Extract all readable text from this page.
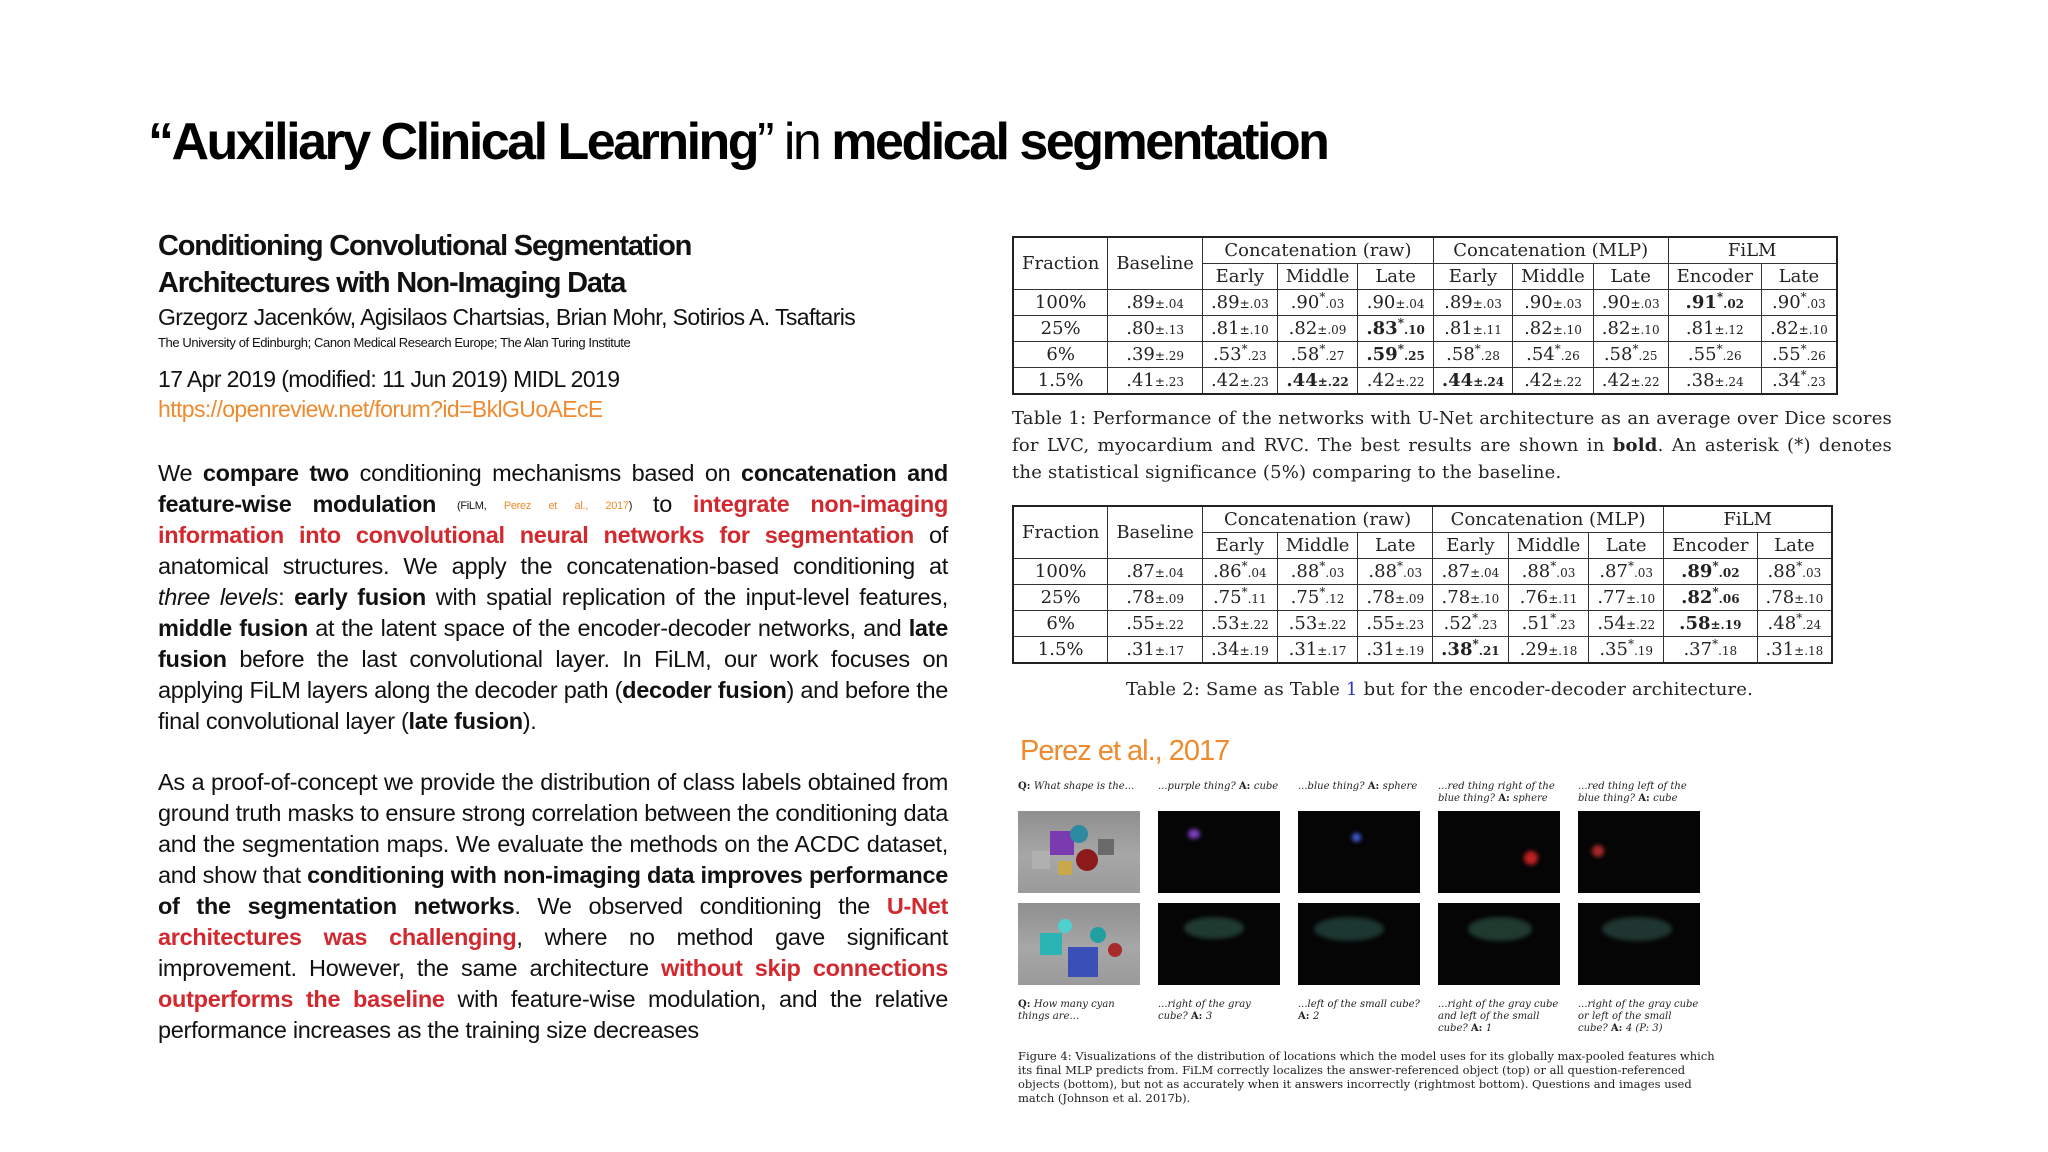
“Auxiliary Clinical Learning” in medical segmentation
Conditioning Convolutional Segmentation
Architectures with Non-Imaging Data
Grzegorz Jacenków, Agisilaos Chartsias, Brian Mohr, Sotirios A. Tsaftaris
The University of Edinburgh; Canon Medical Research Europe; The Alan Turing Institute
17 Apr 2019 (modified: 11 Jun 2019) MIDL 2019
https://openreview.net/forum?id=BklGUoAEcE

We compare two conditioning mechanisms based on concatenation and feature-wise modulation $^{(FiLM, Perez et al., 2017)}$ to integrate non-imaging information into convolutional neural networks for segmentation of anatomical structures. We apply the concatenation-based conditioning at three levels: early fusion with spatial replication of the input-level features, middle fusion at the latent space of the encoder-decoder networks, and late fusion before the last convolutional layer. In FiLM, our work focuses on applying FiLM layers along the decoder path (decoder fusion) and before the final convolutional layer (late fusion).

As a proof-of-concept we provide the distribution of class labels obtained from ground truth masks to ensure strong correlation between the conditioning data and the segmentation maps. We evaluate the methods on the ACDC dataset, and show that conditioning with non-imaging data improves performance of the segmentation networks. We observed conditioning the U-Net architectures was challenging, where no method gave significant improvement. However, the same architecture without skip connections outperforms the baseline with feature-wise modulation, and the relative performance increases as the training size decreases

Fraction	Baseline	Concatenation (raw)			Concatenation (MLP)			FiLM	
		Early	Middle	Late	Early	Middle	Late	Encoder	Late
100%	.89±.04	.89±.03	.90*.03	.90±.04	.89±.03	.90±.03	.90±.03	.91*.02	.90*.03
25%	.80±.13	.81±.10	.82±.09	.83*.10	.81±.11	.82±.10	.82±.10	.81±.12	.82±.10
6%	.39±.29	.53*.23	.58*.27	.59*.25	.58*.28	.54*.26	.58*.25	.55*.26	.55*.26
1.5%	.41±.23	.42±.23	.44±.22	.42±.22	.44±.24	.42±.22	.42±.22	.38±.24	.34*.23
Table 1: Performance of the networks with U-Net architecture as an average over Dice scores for LVC, myocardium and RVC. The best results are shown in bold. An asterisk (*) denotes the statistical significance (5%) comparing to the baseline.
Fraction	Baseline	Concatenation (raw)			Concatenation (MLP)			FiLM	
		Early	Middle	Late	Early	Middle	Late	Encoder	Late
100%	.87±.04	.86*.04	.88*.03	.88*.03	.87±.04	.88*.03	.87*.03	.89*.02	.88*.03
25%	.78±.09	.75*.11	.75*.12	.78±.09	.78±.10	.76±.11	.77±.10	.82*.06	.78±.10
6%	.55±.22	.53±.22	.53±.22	.55±.23	.52*.23	.51*.23	.54±.22	.58±.19	.48*.24
1.5%	.31±.17	.34±.19	.31±.17	.31±.19	.38*.21	.29±.18	.35*.19	.37*.18	.31±.18
Table 2: Same as Table 1 but for the encoder-decoder architecture.
Perez et al., 2017
Q: What shape is the...	...purple thing? A: cube ...blue thing? A: sphere ...red thing right of the blue thing? A: sphere
...red thing left of the blue thing? A: cube
Q: How many cyan things are...
...right of the gray cube? A: 3
...left of the small cube? A: 2
...right of the gray cube and left of the small cube? A: 1
...right of the gray cube or left of the small cube? A: 4 (P: 3)
Figure 4: Visualizations of the distribution of locations which the model uses for its globally max-pooled features which its final MLP predicts from. FiLM correctly localizes the answer-referenced object (top) or all question-referenced objects (bottom), but not as accurately when it answers incorrectly (rightmost bottom). Questions and images used match (Johnson et al. 2017b).
